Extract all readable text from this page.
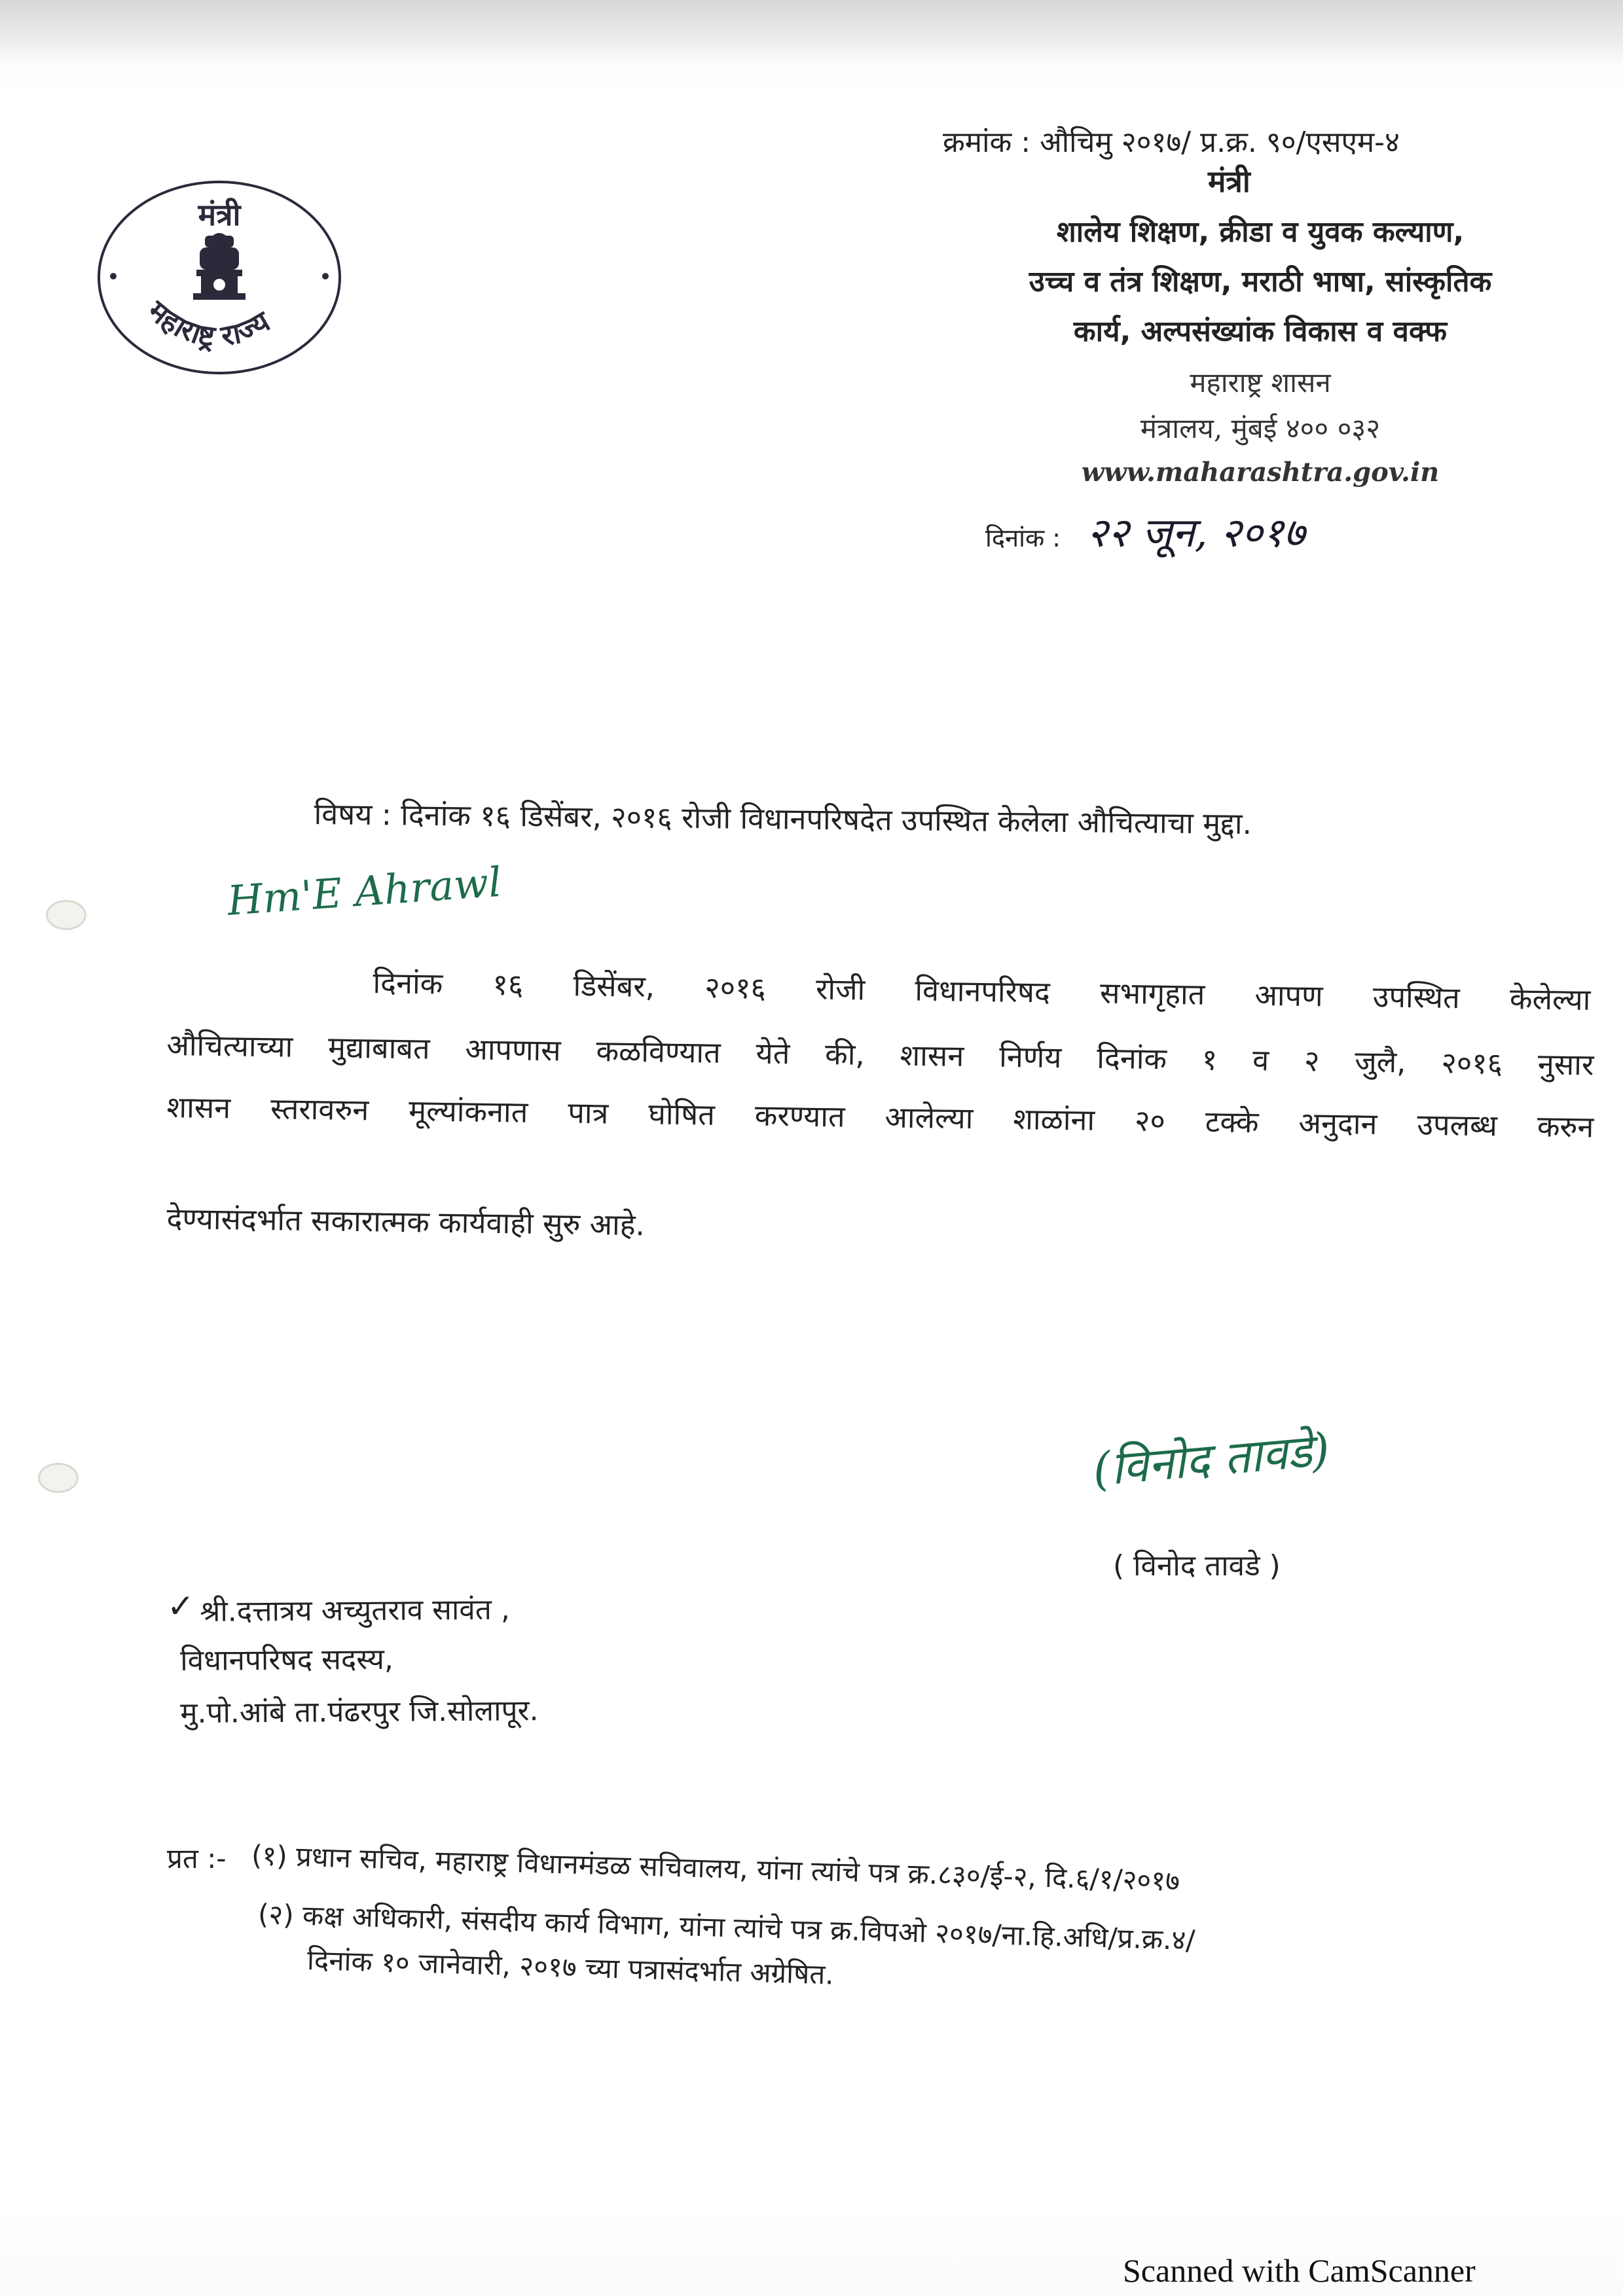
मंत्री
महाराष्ट्र राज्य
क्रमांक : औचिमु २०१७/ प्र.क्र. ९०/एसएम-४
मंत्री
शालेय शिक्षण, क्रीडा व युवक कल्याण,
उच्च व तंत्र शिक्षण, मराठी भाषा, सांस्कृतिक
कार्य, अल्पसंख्यांक विकास व वक्फ
महाराष्ट्र शासन
मंत्रालय, मुंबई ४०० ०३२
www.maharashtra.gov.in
दिनांक : २२ जून, २०१७
विषय : दिनांक १६ डिसेंबर, २०१६ रोजी विधानपरिषदेत उपस्थित केलेला औचित्याचा मुद्दा.
Hm'E Ahrawl
दिनांक १६ डिसेंबर, २०१६ रोजी विधानपरिषद सभागृहात आपण उपस्थित केलेल्या
औचित्याच्या मुद्याबाबत आपणास कळविण्यात येते की, शासन निर्णय दिनांक १ व २ जुलै, २०१६ नुसार
शासन स्तरावरुन मूल्यांकनात पात्र घोषित करण्यात आलेल्या शाळांना २० टक्के अनुदान उपलब्ध करुन
देण्यासंदर्भात सकारात्मक कार्यवाही सुरु आहे.
(विनोद तावडे)
( विनोद तावडे )
✓ श्री.दत्तात्रय अच्युतराव सावंत ,
विधानपरिषद सदस्य,
मु.पो.आंबे ता.पंढरपुर जि.सोलापूर.
प्रत :- (१) प्रधान सचिव, महाराष्ट्र विधानमंडळ सचिवालय, यांना त्यांचे पत्र क्र.८३०/ई-२, दि.६/१/२०१७
(२) कक्ष अधिकारी, संसदीय कार्य विभाग, यांना त्यांचे पत्र क्र.विपओ २०१७/ना.हि.अधि/प्र.क्र.४/
दिनांक १० जानेवारी, २०१७ च्या पत्रासंदर्भात अग्रेषित.
Scanned with CamScanner
